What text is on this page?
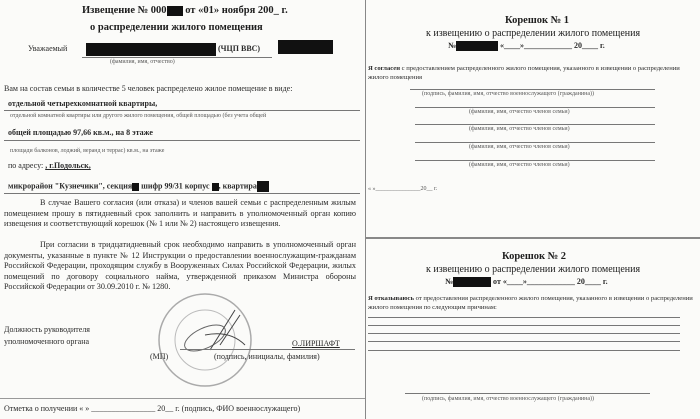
Извещение № 000 от «01» ноября 200_ г.
о распределении жилого помещения
Уважаемый	(ЧЦП ВВС)
(фамилия, имя, отчество)
Вам на состав семьи в количестве 5 человек распределено жилое помещение в виде:
отдельной четырехкомнатной квартиры,
отдельной комнатной квартиры или другого жилого помещения, общей площадью (без учета общей
общей площадью 97,66 кв.м., на 8 этаже
площади балконов, лоджий, веранд и террас) кв.м., на этаже
по адресу: , г.Подольск,
микрорайон "Кузнечики", секция шифр 99/31 корпус , квартира
В случае Вашего согласия (или отказа) и членов вашей семьи с распределенным жилым помещением прошу в пятидневный срок заполнить и направить в уполномоченный орган копию извещения и соответствующий корешок (№ 1 или № 2) настоящего извещения.
При согласии в тридцатидневный срок необходимо направить в уполномоченный орган документы, указанные в пункте № 12 Инструкции о предоставлении военнослужащим-гражданам Российской Федерации, проходящим службу в Вооруженных Силах Российской Федерации, жилых помещений по договору социального найма, утвержденной приказом Министра обороны Российской Федерации от 30.09.2010 г. № 1280.
Должность руководителя
уполномоченного органа	О.ЛИРШАФТ
(МП)	(подпись, инициалы, фамилия)
Отметка о получении « » ________________ 20__ г. (подпись, ФИО военнослужащего)
Корешок № 1
к извещению о распределении жилого помещения
№	«____»____________ 20____ г.
Я согласен с предоставлением распределенного жилого помещения, указанного в извещении о распределении жилого помещения
(подпись, фамилия, имя, отчество военнослужащего (гражданина))
(фамилия, имя, отчество членов семьи)
(фамилия, имя, отчество членов семьи)
(фамилия, имя, отчество членов семьи)
(фамилия, имя, отчество членов семьи)
« »_______________20__ г.
Корешок № 2
к извещению о распределении жилого помещения
№	от «____»____________ 20____ г.
Я отказываюсь от предоставления распределенного жилого помещения, указанного в извещении о распределении жилого помещения по следующим причинам:
(подпись, фамилия, имя, отчество военнослужащего (гражданина))
